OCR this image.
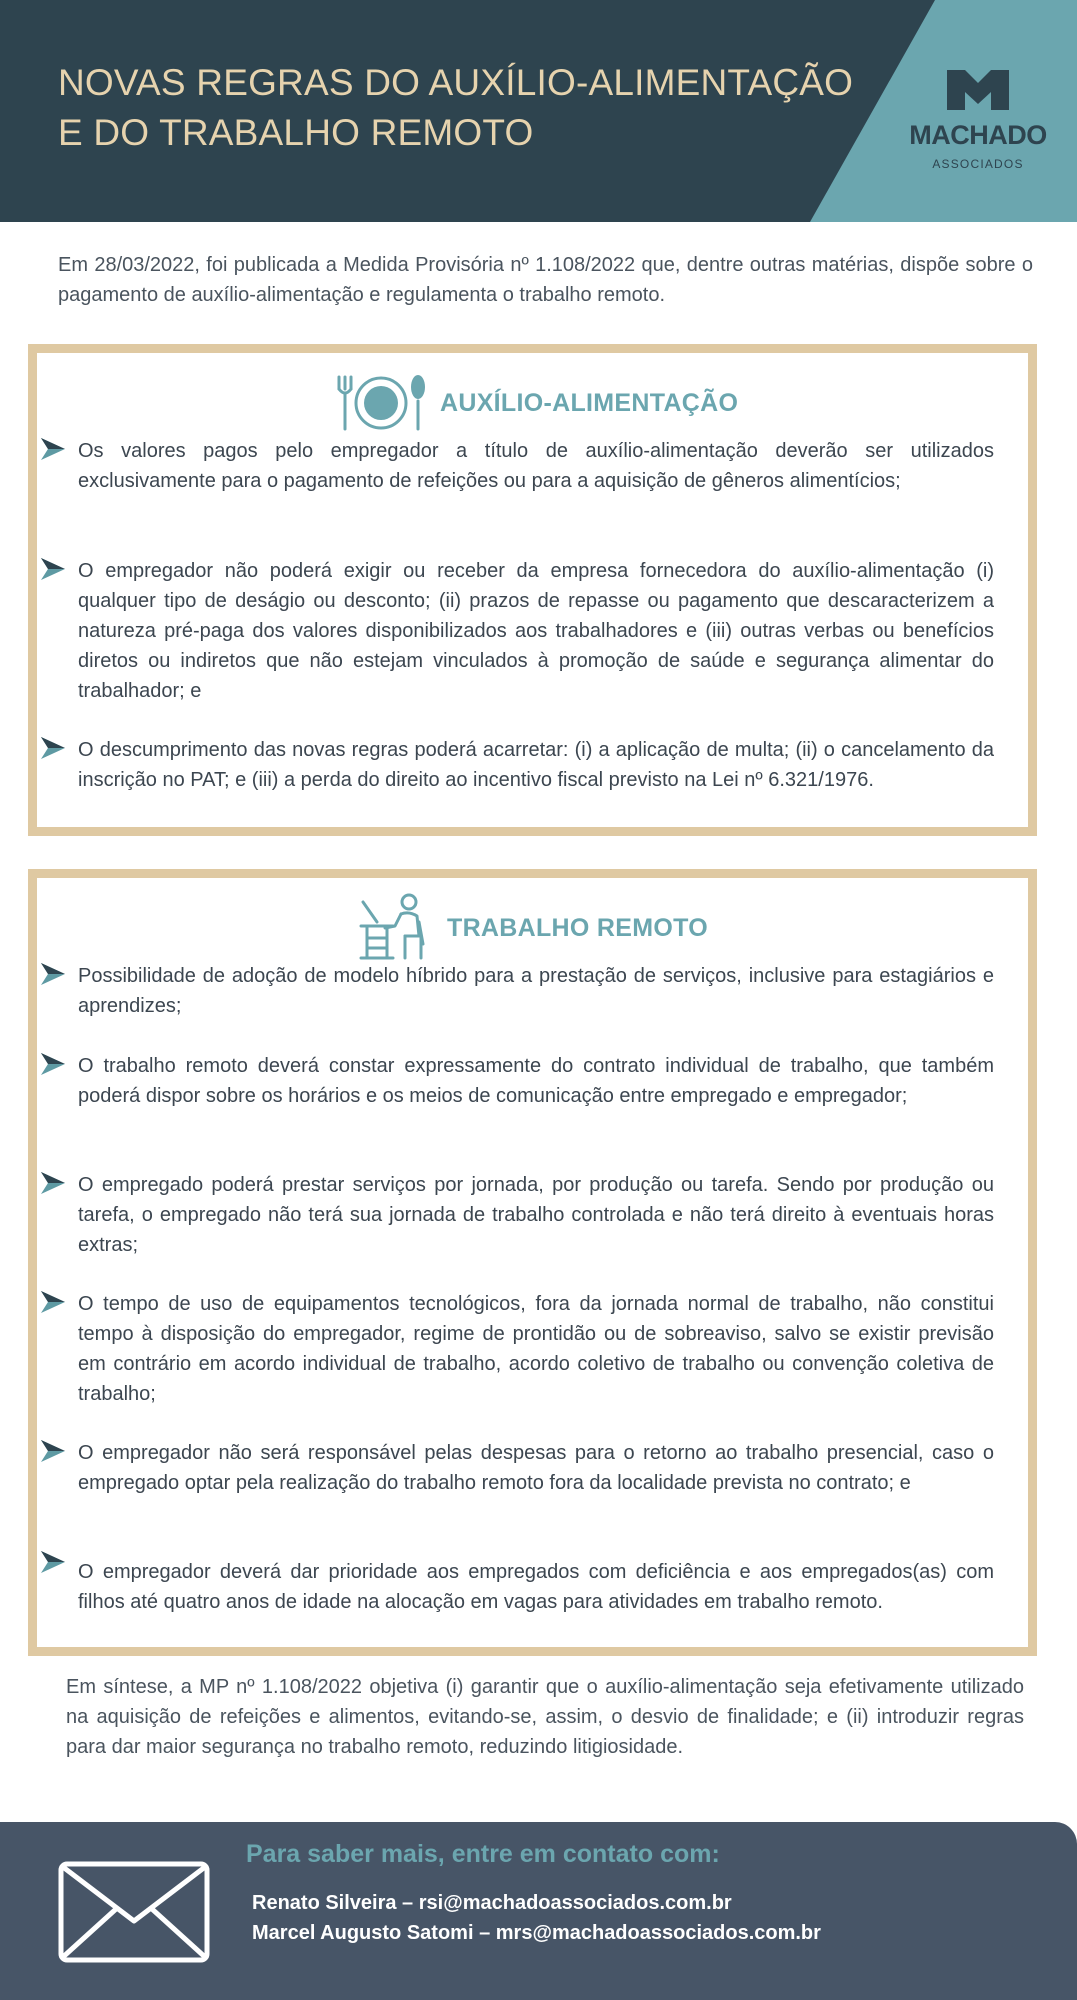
NOVAS REGRAS DO AUXÍLIO-ALIMENTAÇÃO
E DO TRABALHO REMOTO	MACHADO
ASSOCIADOS

Em 28/03/2022, foi publicada a Medida Provisória nº 1.108/2022 que, dentre outras matérias, dispõe sobre o pagamento de auxílio-alimentação e regulamenta o trabalho remoto.

AUXÍLIO-ALIMENTAÇÃO

Os valores pagos pelo empregador a título de auxílio-alimentação deverão ser utilizados exclusivamente para o pagamento de refeições ou para a aquisição de gêneros alimentícios;

O empregador não poderá exigir ou receber da empresa fornecedora do auxílio-alimentação (i) qualquer tipo de deságio ou desconto; (ii) prazos de repasse ou pagamento que descaracterizem a natureza pré-paga dos valores disponibilizados aos trabalhadores e (iii) outras verbas ou benefícios diretos ou indiretos que não estejam vinculados à promoção de saúde e segurança alimentar do trabalhador; e

O descumprimento das novas regras poderá acarretar: (i) a aplicação de multa; (ii) o cancelamento da inscrição no PAT; e (iii) a perda do direito ao incentivo fiscal previsto na Lei nº 6.321/1976.

TRABALHO REMOTO

Possibilidade de adoção de modelo híbrido para a prestação de serviços, inclusive para estagiários e aprendizes;

O trabalho remoto deverá constar expressamente do contrato individual de trabalho, que também poderá dispor sobre os horários e os meios de comunicação entre empregado e empregador;

O empregado poderá prestar serviços por jornada, por produção ou tarefa. Sendo por produção ou tarefa, o empregado não terá sua jornada de trabalho controlada e não terá direito à eventuais horas extras;

O tempo de uso de equipamentos tecnológicos, fora da jornada normal de trabalho, não constitui tempo à disposição do empregador, regime de prontidão ou de sobreaviso, salvo se existir previsão em contrário em acordo individual de trabalho, acordo coletivo de trabalho ou convenção coletiva de trabalho;

O empregador não será responsável pelas despesas para o retorno ao trabalho presencial, caso o empregado optar pela realização do trabalho remoto fora da localidade prevista no contrato; e

O empregador deverá dar prioridade aos empregados com deficiência e aos empregados(as) com filhos até quatro anos de idade na alocação em vagas para atividades em trabalho remoto.

Em síntese, a MP nº 1.108/2022 objetiva (i) garantir que o auxílio-alimentação seja efetivamente utilizado na aquisição de refeições e alimentos, evitando-se, assim, o desvio de finalidade; e (ii) introduzir regras para dar maior segurança no trabalho remoto, reduzindo litigiosidade.

Para saber mais, entre em contato com:

Renato Silveira – rsi@machadoassociados.com.br

Marcel Augusto Satomi – mrs@machadoassociados.com.br
